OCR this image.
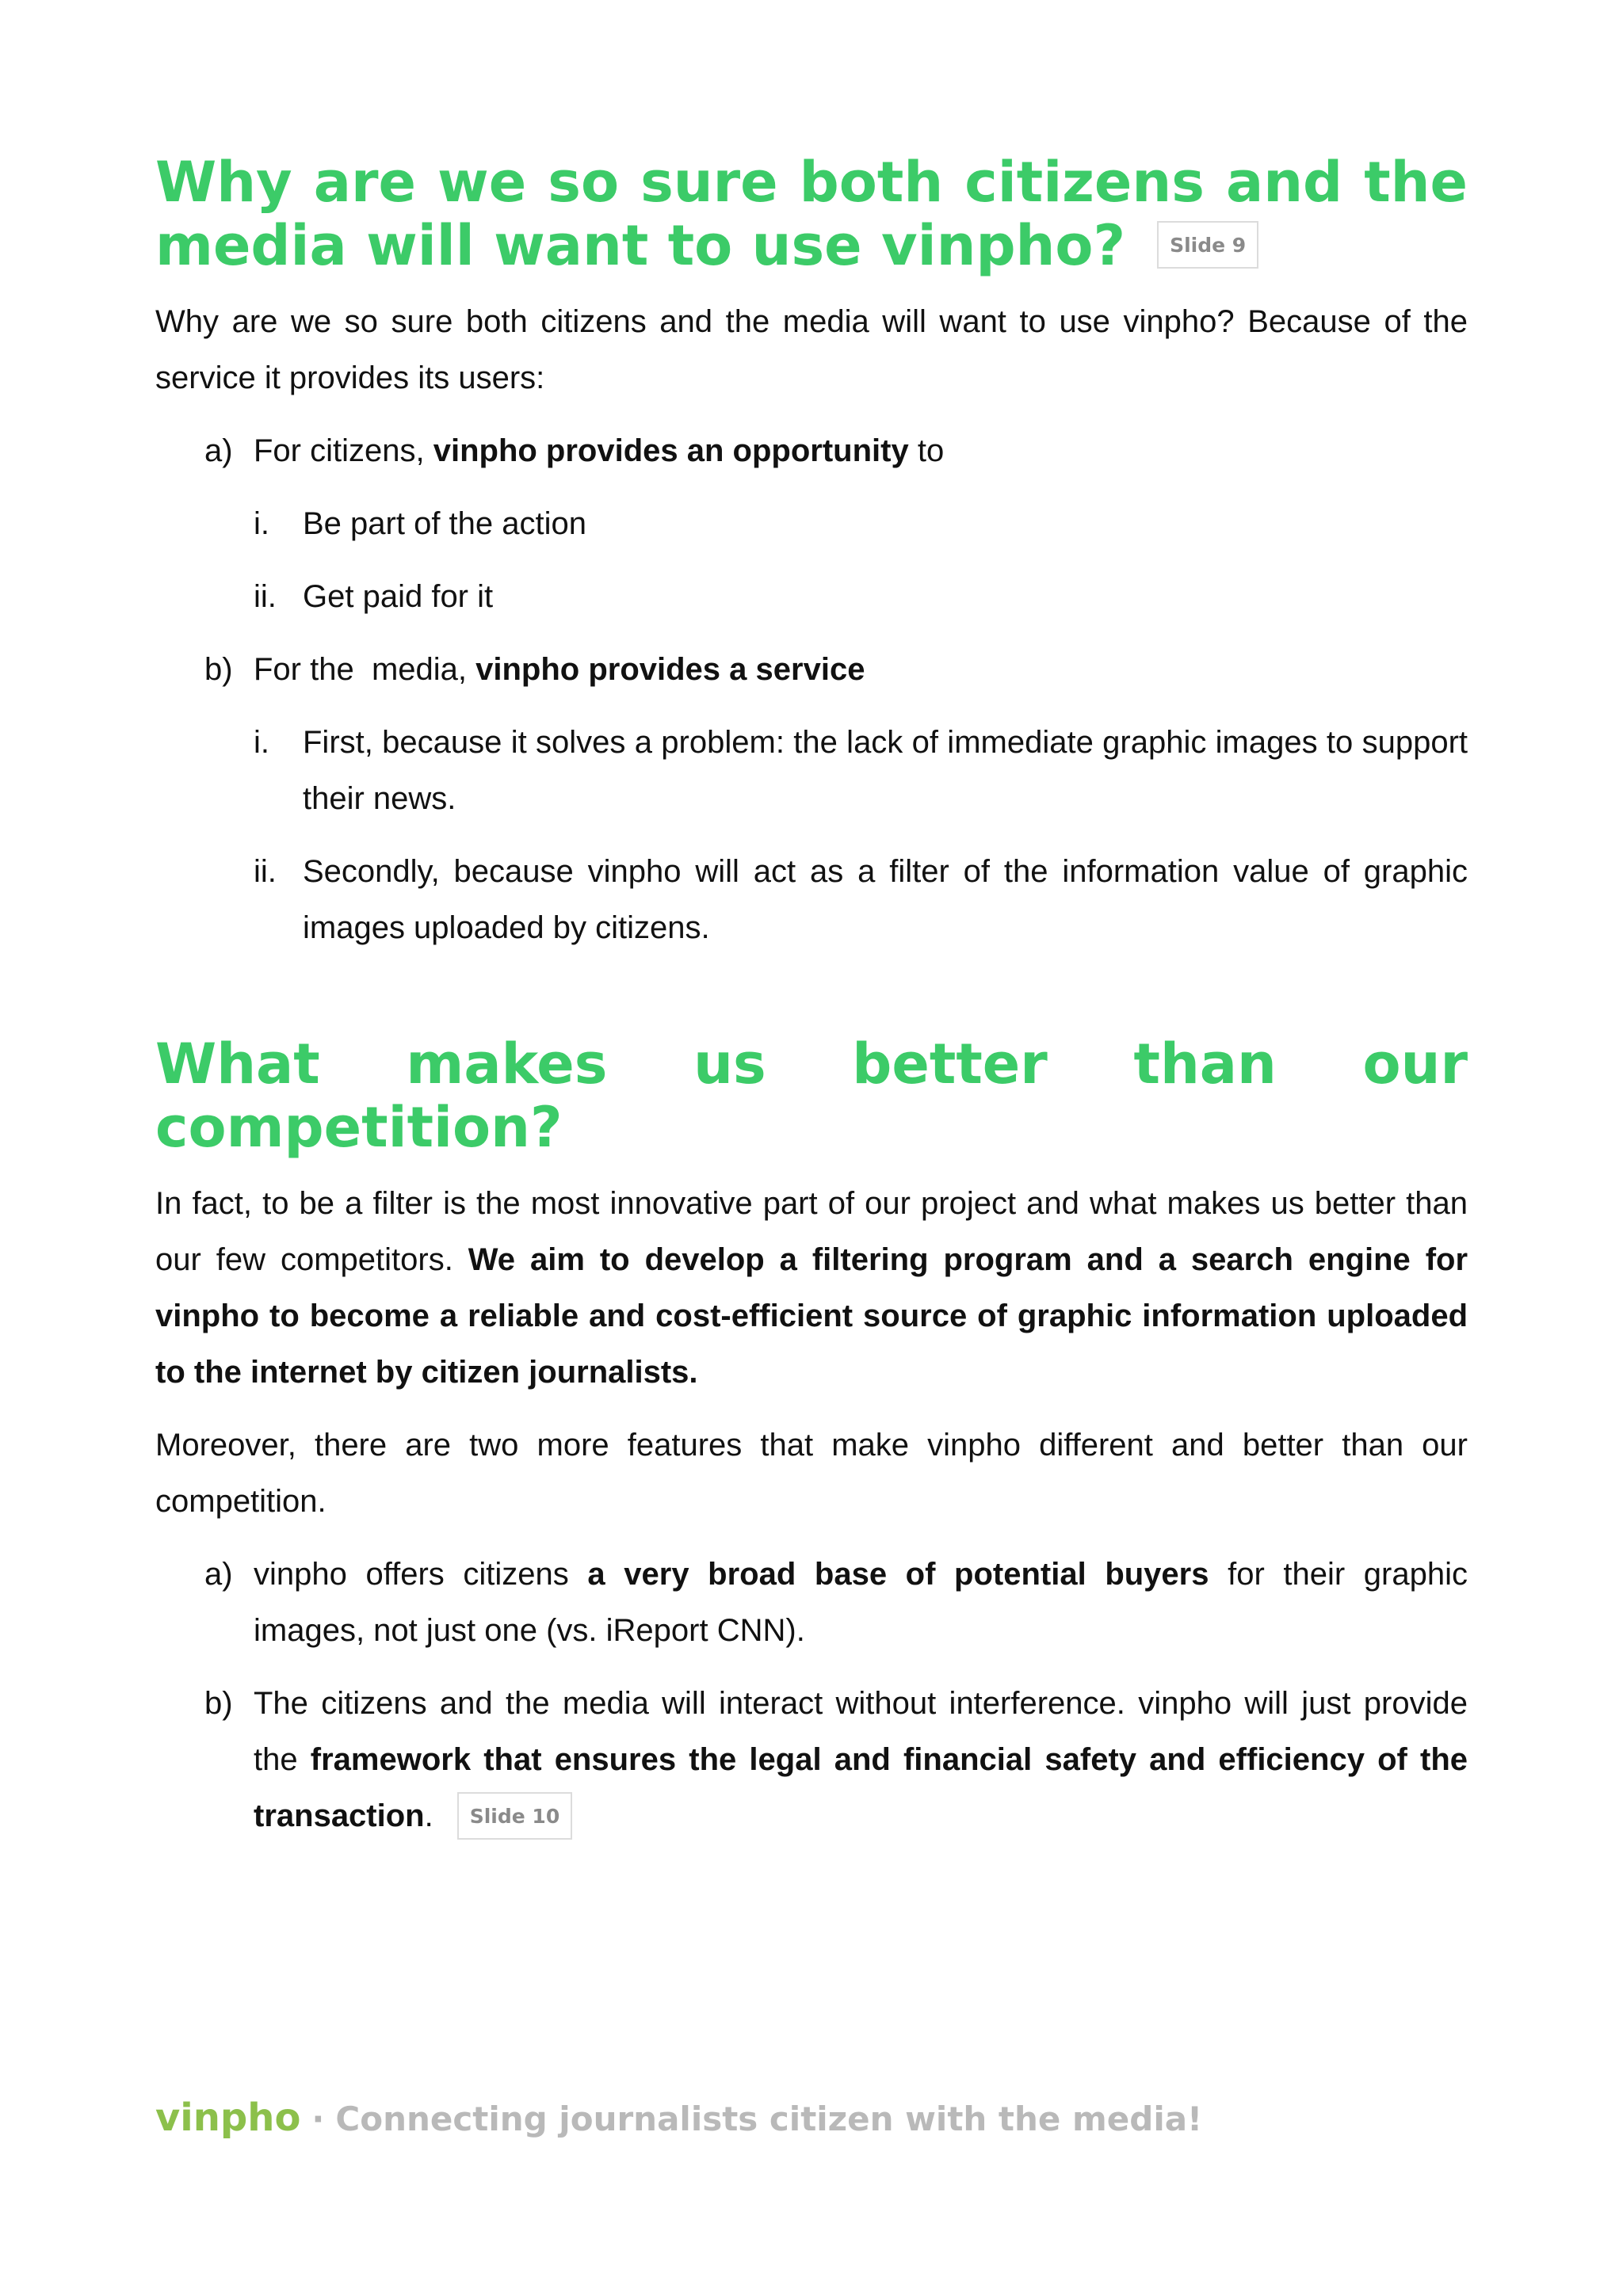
Why are we so sure both citizens and the media will want to use vinpho? Slide 9

Why are we so sure both citizens and the media will want to use vinpho? Because of the service it provides its users:

a) For citizens, vinpho provides an opportunity to
i. Be part of the action
ii. Get paid for it
b) For the  media, vinpho provides a service
i. First, because it solves a problem: the lack of immediate graphic images to support their news.
ii. Secondly, because vinpho will act as a filter of the information value of graphic images uploaded by citizens.
What makes us better than our competition?

In fact, to be a filter is the most innovative part of our project and what makes us better than our few competitors. We aim to develop a filtering program and a search engine for vinpho to become a reliable and cost-efficient source of graphic information uploaded to the internet by citizen journalists.

Moreover, there are two more features that make vinpho different and better than our competition.

a) vinpho offers citizens a very broad base of potential buyers for their graphic images, not just one (vs. iReport CNN).
b) The citizens and the media will interact without interference. vinpho will just provide the framework that ensures the legal and financial safety and efficiency of the transaction. Slide 10
vinpho · Connecting journalists citizen with the media!
